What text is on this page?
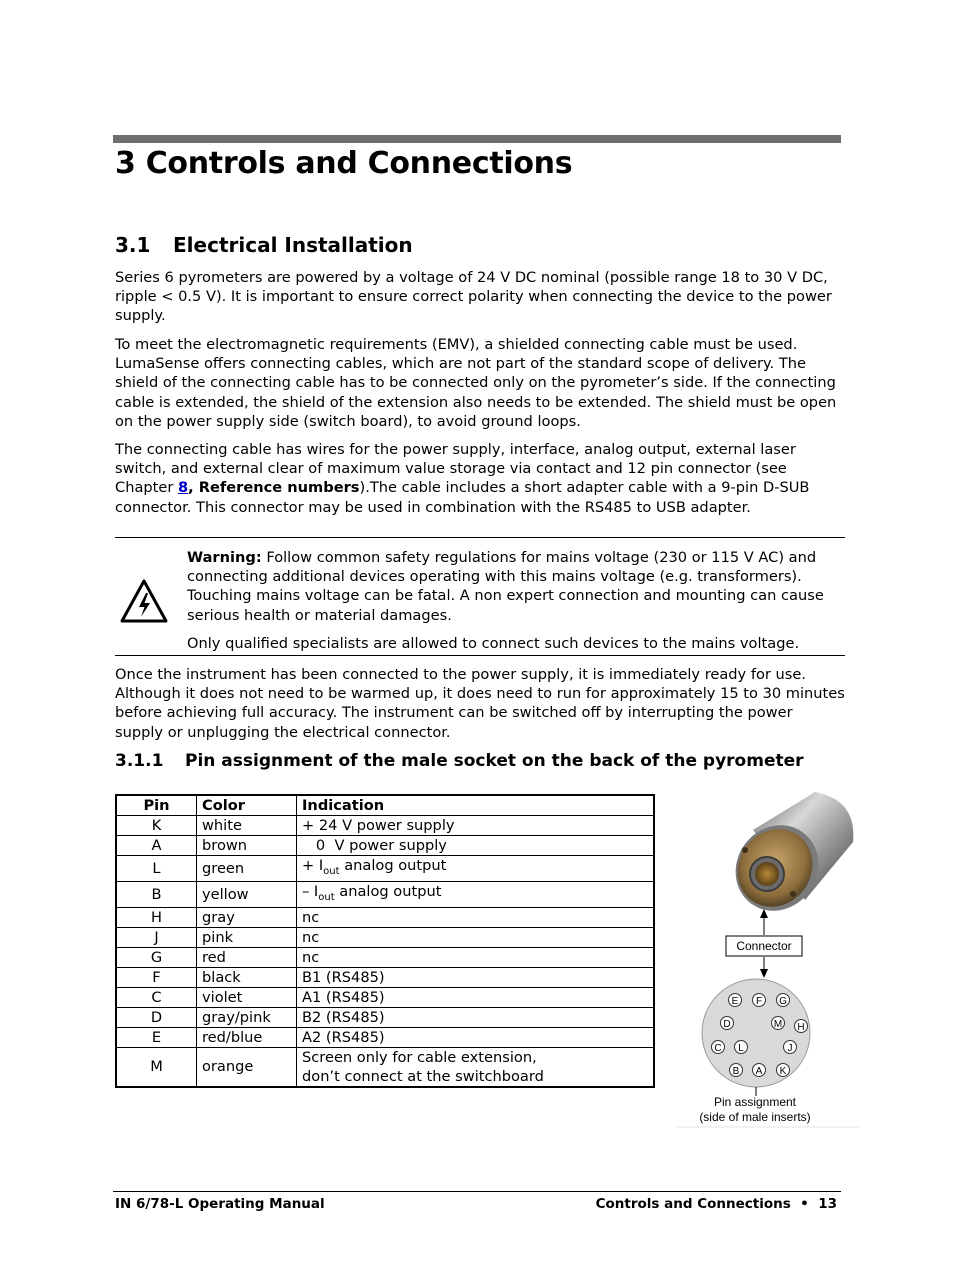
3 Controls and Connections
3.1 Electrical Installation

Series 6 pyrometers are powered by a voltage of 24 V DC nominal (possible range 18 to 30 V DC, ripple < 0.5 V). It is important to ensure correct polarity when connecting the device to the power supply.

To meet the electromagnetic requirements (EMV), a shielded connecting cable must be used. LumaSense offers connecting cables, which are not part of the standard scope of delivery. The shield of the connecting cable has to be connected only on the pyrometer’s side. If the connecting cable is extended, the shield of the extension also needs to be extended. The shield must be open on the power supply side (switch board), to avoid ground loops.

The connecting cable has wires for the power supply, interface, analog output, external laser switch, and external clear of maximum value storage via contact and 12 pin connector (see Chapter 8, Reference numbers).The cable includes a short adapter cable with a 9-pin D-SUB connector. This connector may be used in combination with the RS485 to USB adapter.

Warning: Follow common safety regulations for mains voltage (230 or 115 V AC) and connecting additional devices operating with this mains voltage (e.g. transformers). Touching mains voltage can be fatal. A non expert connection and mounting can cause serious health or material damages.

Only qualified specialists are allowed to connect such devices to the mains voltage.

Once the instrument has been connected to the power supply, it is immediately ready for use. Although it does not need to be warmed up, it does need to run for approximately 15 to 30 minutes before achieving full accuracy. The instrument can be switched off by interrupting the power supply or unplugging the electrical connector.

3.1.1 Pin assignment of the male socket on the back of the pyrometer
Pin	Color	Indication
K	white	+ 24 V power supply
A	brown	0  V power supply
L	green	+ $I_{out}$ analog output
B	yellow	– $I_{out}$ analog output
H	gray	nc
J	pink	nc
G	red	nc
F	black	B1 (RS485)
C	violet	A1 (RS485)
D	gray/pink	B2 (RS485)
E	red/blue	A2 (RS485)
M	orange	Screen only for cable extension,
don’t connect at the switchboard
Connector
E F G
D	M H
C L	J
B A K
Pin assignment
(side of male inserts)
IN 6/78-L Operating Manual	Controls and Connections  •  13
